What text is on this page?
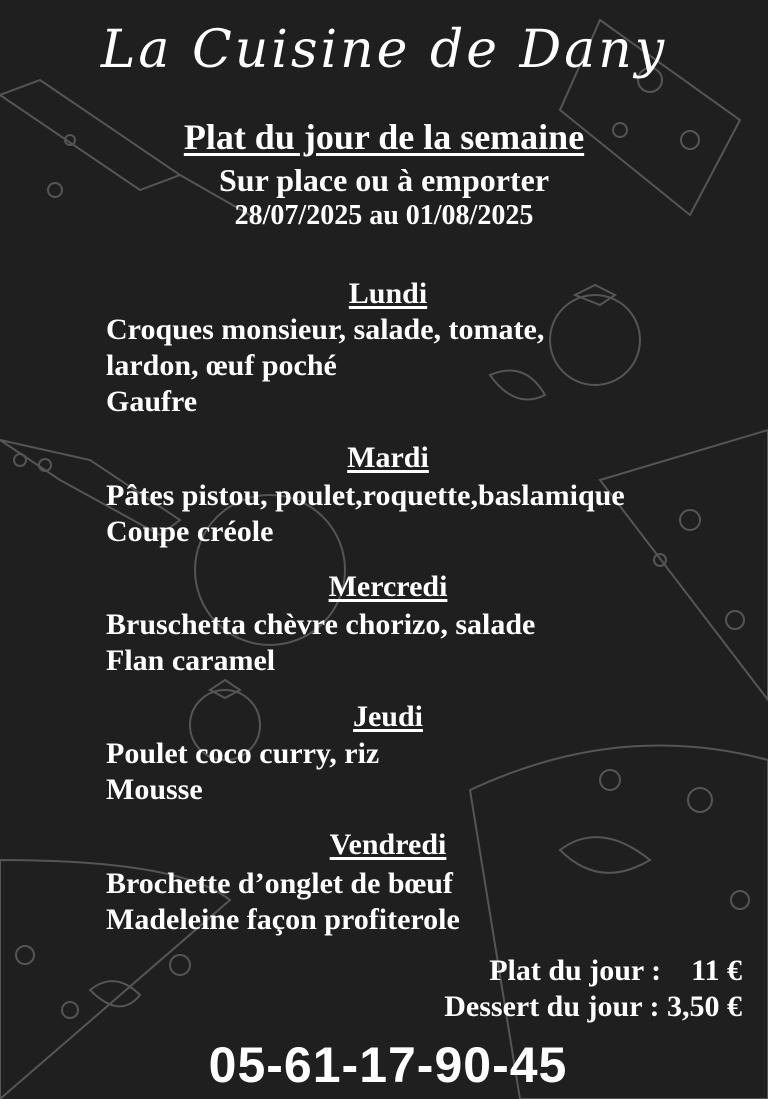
La Cuisine de Dany
Plat du jour de la semaine
Sur place ou à emporter
28/07/2025 au 01/08/2025
Lundi
Croques monsieur, salade, tomate,
lardon, œuf poché
Gaufre
Mardi
Pâtes pistou, poulet,roquette,baslamique
Coupe créole
Mercredi
Bruschetta chèvre chorizo, salade
Flan caramel
Jeudi
Poulet coco curry, riz
Mousse
Vendredi
Brochette d’onglet de bœuf
Madeleine façon profiterole
Plat du jour :    11 €
Dessert du jour : 3,50 €
05-61-17-90-45
